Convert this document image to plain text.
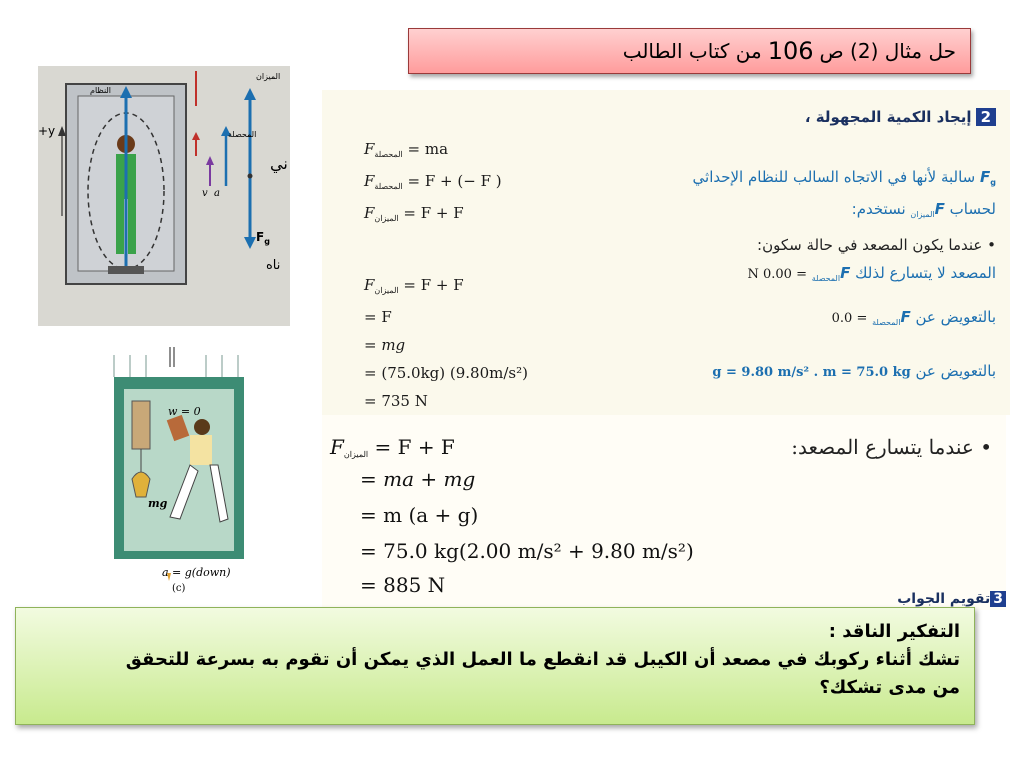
حل مثال (2) ص
106
من كتاب الطالب
النظام
+y
الميزان
المحصلة
$F_g$
v a
ني
ناه
w = 0
mg
a = g(down)
(c)
2إيجاد الكمية المجهولة ،
$F_{المحصلة}$ = ma
$F_{المحصلة} = F$ + (− F )
$F_{الميزان} = F + F$
$F_{الميزان} = F + F$
= F
= mg
= (75.0kg) (9.80m/s²)
= 735 N
$F_g$ سالبة لأنها في الاتجاه السالب للنظام الإحداثي
لحساب $F_{الميزان}$ نستخدم:
• عندما يكون المصعد في حالة سكون:
المصعد لا يتسارع لذلك $F_{المحصلة} = 0.00$ N
بالتعويض عن $F_{المحصلة} = 0.0$
بالتعويض عن g = 9.80 m/s² . m = 75.0 kg
$F_{الميزان} = F + F$
= ma + mg
= m (a + g)
= 75.0 kg(2.00 m/s² + 9.80 m/s²)
= 885 N
• عندما يتسارع المصعد:
3تقويم الجواب
التفكير الناقد :
تشك أثناء ركوبك في مصعد أن الكيبل قد انقطع ما العمل الذي يمكن أن تقوم به بسرعة للتحقق
من مدى تشكك؟
